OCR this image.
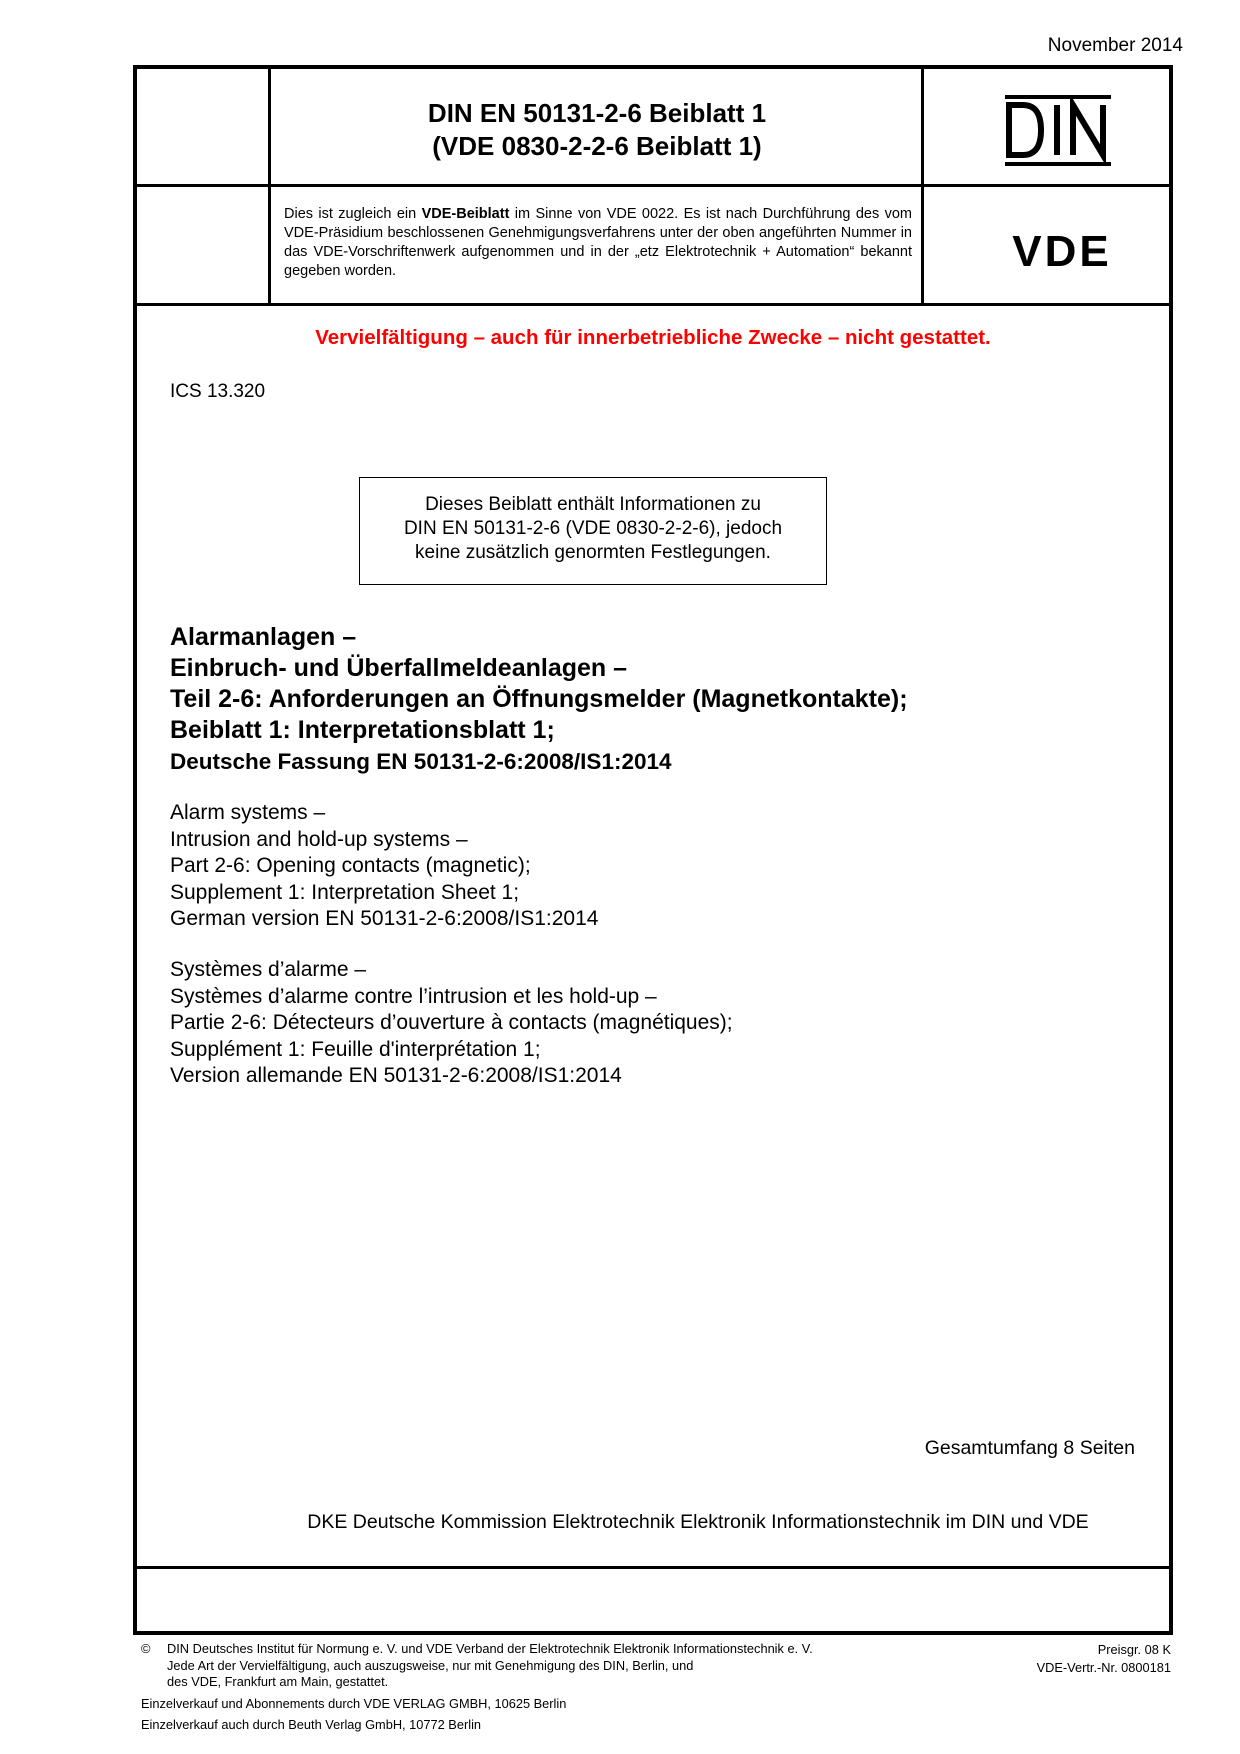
November 2014
DIN EN 50131-2-6 Beiblatt 1
(VDE 0830-2-2-6 Beiblatt 1)
Dies ist zugleich ein VDE-Beiblatt im Sinne von VDE 0022. Es ist nach Durchführung des vom VDE-Präsidium beschlossenen Genehmigungsverfahrens unter der oben angeführten Nummer in das VDE-Vorschriftenwerk aufgenommen und in der „etz Elektrotechnik + Automation“ bekannt gegeben worden.	VDE
Vervielfältigung – auch für innerbetriebliche Zwecke – nicht gestattet.
ICS 13.320
Dieses Beiblatt enthält Informationen zu
DIN EN 50131-2-6 (VDE 0830-2-2-6), jedoch
keine zusätzlich genormten Festlegungen.
Alarmanlagen –
Einbruch- und Überfallmeldeanlagen –
Teil 2-6: Anforderungen an Öffnungsmelder (Magnetkontakte);
Beiblatt 1: Interpretationsblatt 1;
Deutsche Fassung EN 50131-2-6:2008/IS1:2014
Alarm systems –
Intrusion and hold-up systems –
Part 2-6: Opening contacts (magnetic);
Supplement 1: Interpretation Sheet 1;
German version EN 50131-2-6:2008/IS1:2014
Systèmes d’alarme –
Systèmes d’alarme contre l’intrusion et les hold-up –
Partie 2-6: Détecteurs d’ouverture à contacts (magnétiques);
Supplément 1: Feuille d'interprétation 1;
Version allemande EN 50131-2-6:2008/IS1:2014
Gesamtumfang 8 Seiten
DKE Deutsche Kommission Elektrotechnik Elektronik Informationstechnik im DIN und VDE
©	DIN Deutsches Institut für Normung e. V. und VDE Verband der Elektrotechnik Elektronik Informationstechnik e. V.
Jede Art der Vervielfältigung, auch auszugsweise, nur mit Genehmigung des DIN, Berlin, und
des VDE, Frankfurt am Main, gestattet.
Einzelverkauf und Abonnements durch VDE VERLAG GMBH, 10625 Berlin
Einzelverkauf auch durch Beuth Verlag GmbH, 10772 Berlin
Preisgr. 08 K
VDE-Vertr.-Nr. 0800181
